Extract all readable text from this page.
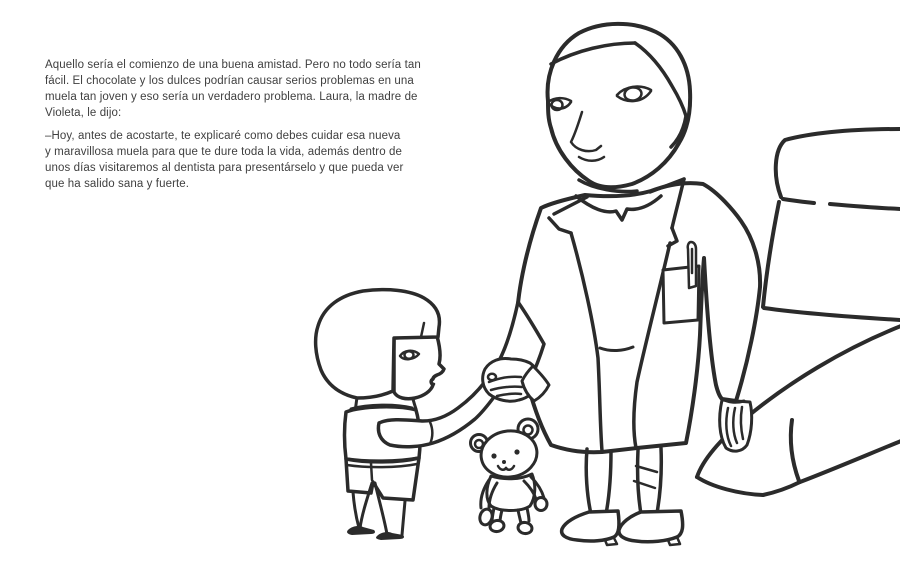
Aquello sería el comienzo de una buena amistad. Pero no todo sería tan
fácil. El chocolate y los dulces podrían causar serios problemas en una
muela tan joven y eso sería un verdadero problema. Laura, la madre de
Violeta, le dijo:
–Hoy, antes de acostarte, te explicaré como debes cuidar esa nueva
y maravillosa muela para que te dure toda la vida, además dentro de
unos días visitaremos al dentista para presentárselo y que pueda ver
que ha salido sana y fuerte.
